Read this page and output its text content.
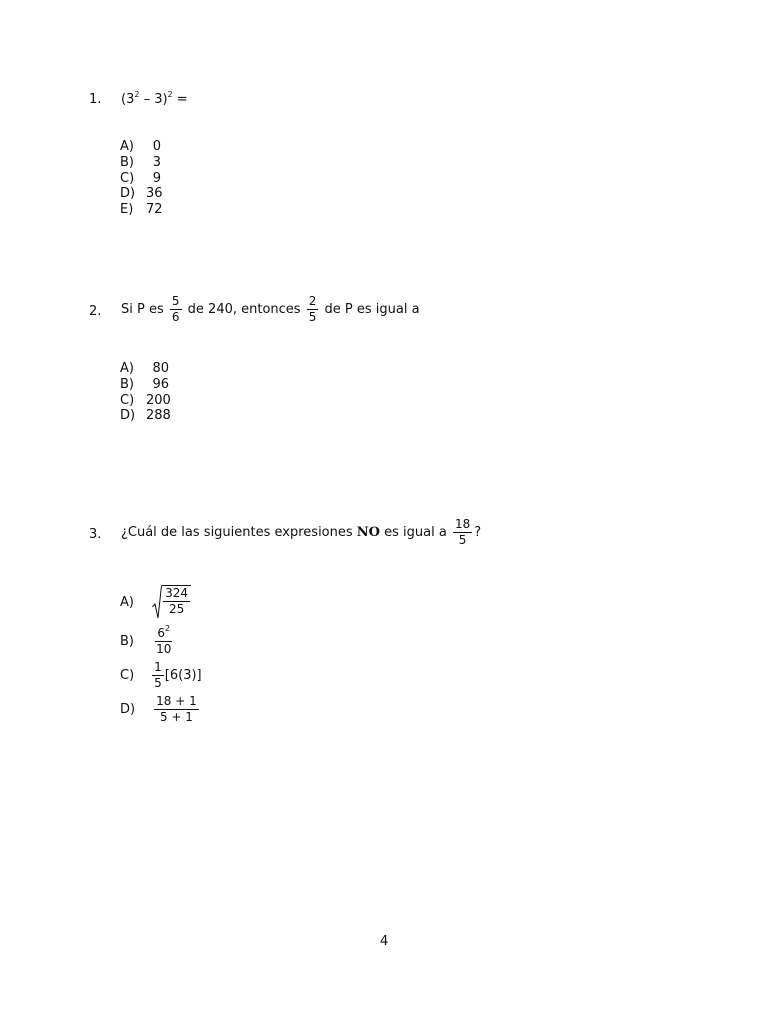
1. $(3^2 - 3)^2$ =
A) 0
B) 3
C) 9
D) 36
E) 72
2. Si P es $\frac{5}{6}$ de 240, entonces $\frac{2}{5}$ de P es igual a
A) 80
B) 96
C) 200
D) 288
3. ¿Cuál de las siguientes expresiones NO es igual a $\frac{18}{5}$ ?
$A) \frac{324}{25}$
$B) \frac{6^2}{10}$
$C) \frac{1}{5} [6(3)]$
$D) \frac{18 + 1}{5 + 1}$
4
